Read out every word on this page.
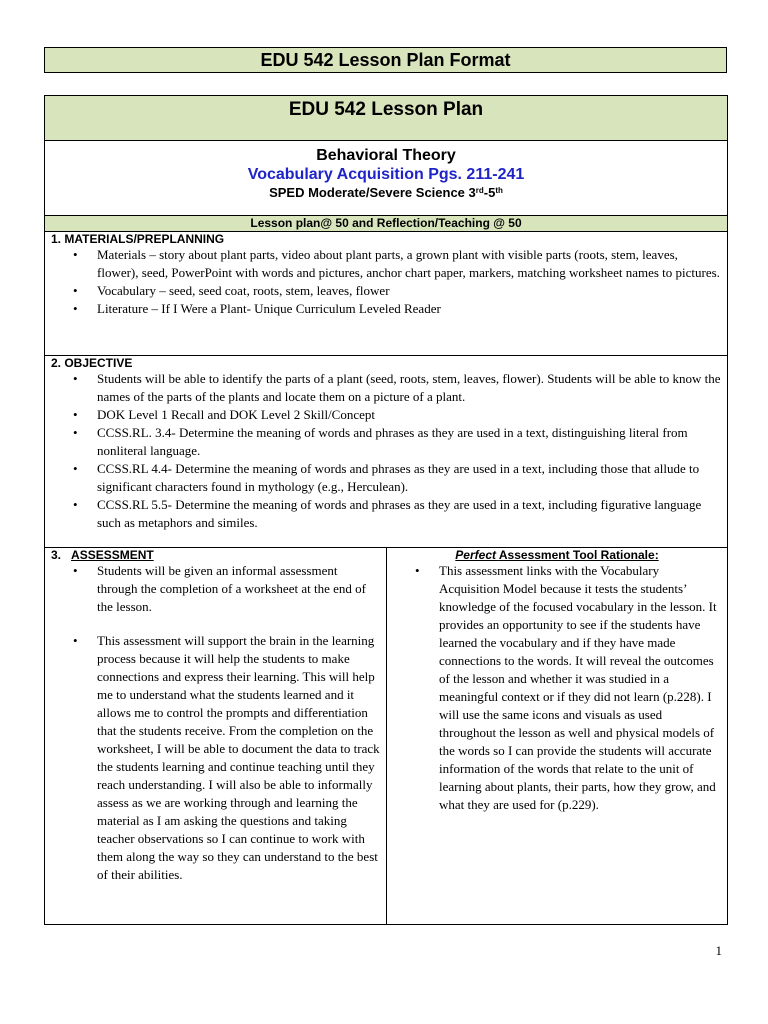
EDU 542 Lesson Plan Format
EDU 542 Lesson Plan
Behavioral Theory
Vocabulary Acquisition Pgs. 211-241
SPED Moderate/Severe Science 3rd-5th
Lesson plan@ 50 and Reflection/Teaching @ 50
1. MATERIALS/PREPLANNING
• Materials – story about plant parts, video about plant parts, a grown plant with visible parts (roots, stem, leaves, flower), seed, PowerPoint with words and pictures, anchor chart paper, markers, matching worksheet names to pictures.
• Vocabulary – seed, seed coat, roots, stem, leaves, flower
• Literature – If I Were a Plant- Unique Curriculum Leveled Reader
2. OBJECTIVE
• Students will be able to identify the parts of a plant (seed, roots, stem, leaves, flower). Students will be able to know the names of the parts of the plants and locate them on a picture of a plant.
• DOK Level 1 Recall and DOK Level 2 Skill/Concept
• CCSS.RL. 3.4- Determine the meaning of words and phrases as they are used in a text, distinguishing literal from nonliteral language.
• CCSS.RL 4.4- Determine the meaning of words and phrases as they are used in a text, including those that allude to significant characters found in mythology (e.g., Herculean).
• CCSS.RL 5.5- Determine the meaning of words and phrases as they are used in a text, including figurative language such as metaphors and similes.
3. ASSESSMENT
• Students will be given an informal assessment through the completion of a worksheet at the end of the lesson.
• This assessment will support the brain in the learning process because it will help the students to make connections and express their learning. This will help me to understand what the students learned and it allows me to control the prompts and differentiation that the students receive. From the completion on the worksheet, I will be able to document the data to track the students learning and continue teaching until they reach understanding. I will also be able to informally assess as we are working through and learning the material as I am asking the questions and taking teacher observations so I can continue to work with them along the way so they can understand to the best of their abilities.
Perfect Assessment Tool Rationale:
• This assessment links with the Vocabulary Acquisition Model because it tests the students’ knowledge of the focused vocabulary in the lesson. It provides an opportunity to see if the students have learned the vocabulary and if they have made connections to the words. It will reveal the outcomes of the lesson and whether it was studied in a meaningful context or if they did not learn (p.228). I will use the same icons and visuals as used throughout the lesson as well and physical models of the words so I can provide the students will accurate information of the words that relate to the unit of learning about plants, their parts, how they grow, and what they are used for (p.229).
1
